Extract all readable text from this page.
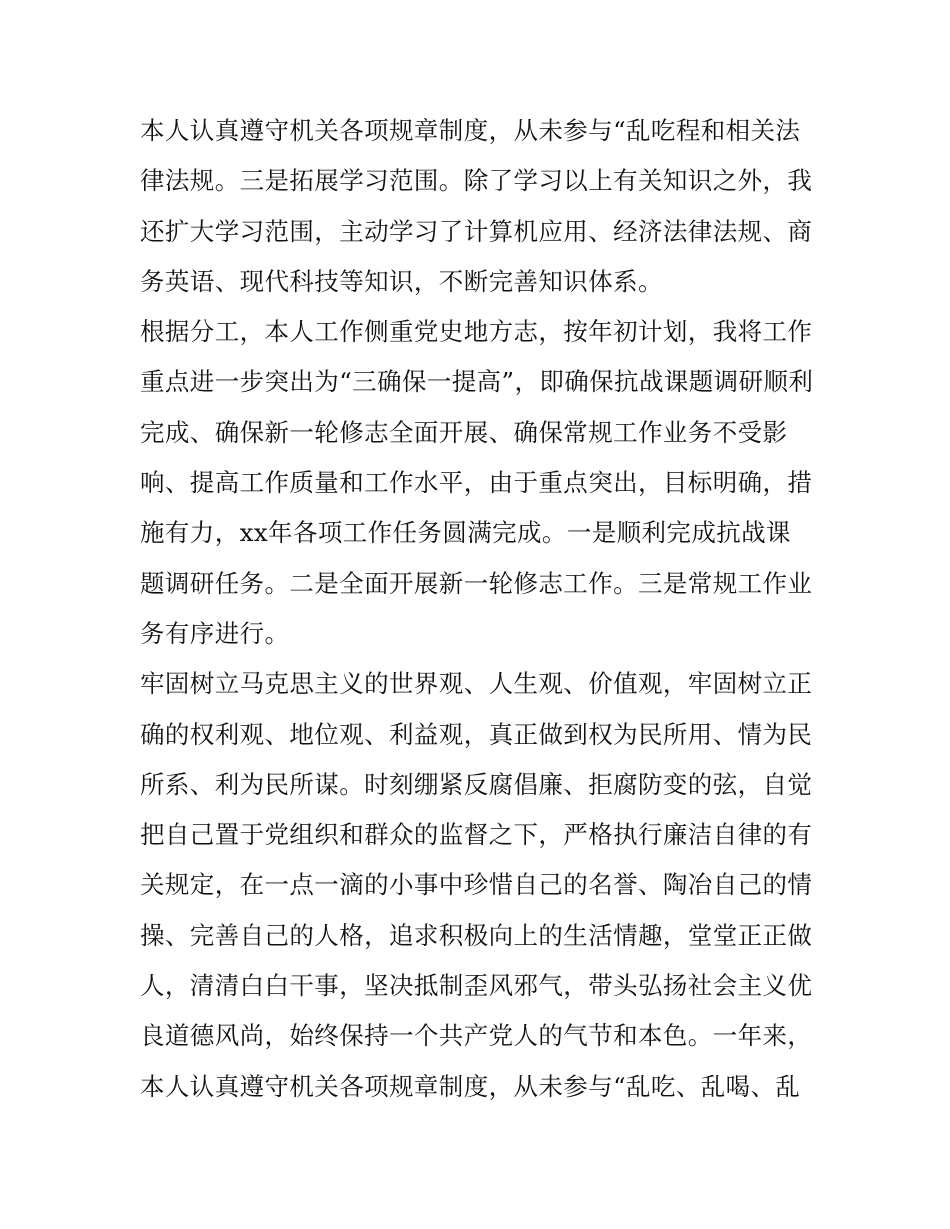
本人认真遵守机关各项规章制度，从未参与“乱吃程和相关法
律法规。三是拓展学习范围。除了学习以上有关知识之外，我
还扩大学习范围，主动学习了计算机应用、经济法律法规、商
务英语、现代科技等知识，不断完善知识体系。
根据分工，本人工作侧重党史地方志，按年初计划，我将工作
重点进一步突出为“三确保一提高”，即确保抗战课题调研顺利
完成、确保新一轮修志全面开展、确保常规工作业务不受影
响、提高工作质量和工作水平，由于重点突出，目标明确，措
施有力，xx年各项工作任务圆满完成。一是顺利完成抗战课
题调研任务。二是全面开展新一轮修志工作。三是常规工作业
务有序进行。
牢固树立马克思主义的世界观、人生观、价值观，牢固树立正
确的权利观、地位观、利益观，真正做到权为民所用、情为民
所系、利为民所谋。时刻绷紧反腐倡廉、拒腐防变的弦，自觉
把自己置于党组织和群众的监督之下，严格执行廉洁自律的有
关规定，在一点一滴的小事中珍惜自己的名誉、陶冶自己的情
操、完善自己的人格，追求积极向上的生活情趣，堂堂正正做
人，清清白白干事，坚决抵制歪风邪气，带头弘扬社会主义优
良道德风尚，始终保持一个共产党人的气节和本色。一年来，
本人认真遵守机关各项规章制度，从未参与“乱吃、乱喝、乱
